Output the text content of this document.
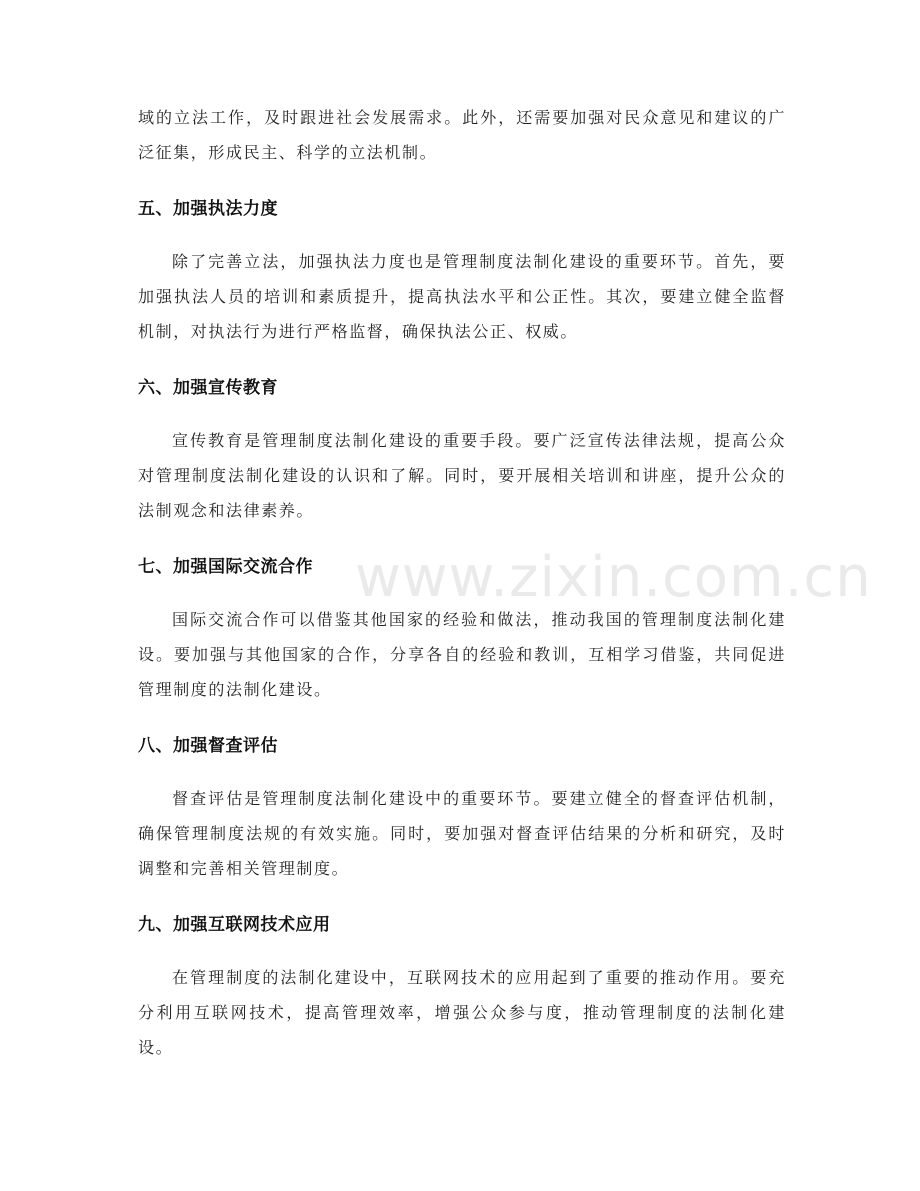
域的立法工作，及时跟进社会发展需求。此外，还需要加强对民众意见和建议的广泛征集，形成民主、科学的立法机制。

五、加强执法力度

除了完善立法，加强执法力度也是管理制度法制化建设的重要环节。首先，要加强执法人员的培训和素质提升，提高执法水平和公正性。其次，要建立健全监督机制，对执法行为进行严格监督，确保执法公正、权威。

六、加强宣传教育

宣传教育是管理制度法制化建设的重要手段。要广泛宣传法律法规，提高公众对管理制度法制化建设的认识和了解。同时，要开展相关培训和讲座，提升公众的法制观念和法律素养。

七、加强国际交流合作

国际交流合作可以借鉴其他国家的经验和做法，推动我国的管理制度法制化建设。要加强与其他国家的合作，分享各自的经验和教训，互相学习借鉴，共同促进管理制度的法制化建设。

八、加强督查评估

督查评估是管理制度法制化建设中的重要环节。要建立健全的督查评估机制，确保管理制度法规的有效实施。同时，要加强对督查评估结果的分析和研究，及时调整和完善相关管理制度。

九、加强互联网技术应用

在管理制度的法制化建设中，互联网技术的应用起到了重要的推动作用。要充分利用互联网技术，提高管理效率，增强公众参与度，推动管理制度的法制化建设。

www.zixin.com.cn
